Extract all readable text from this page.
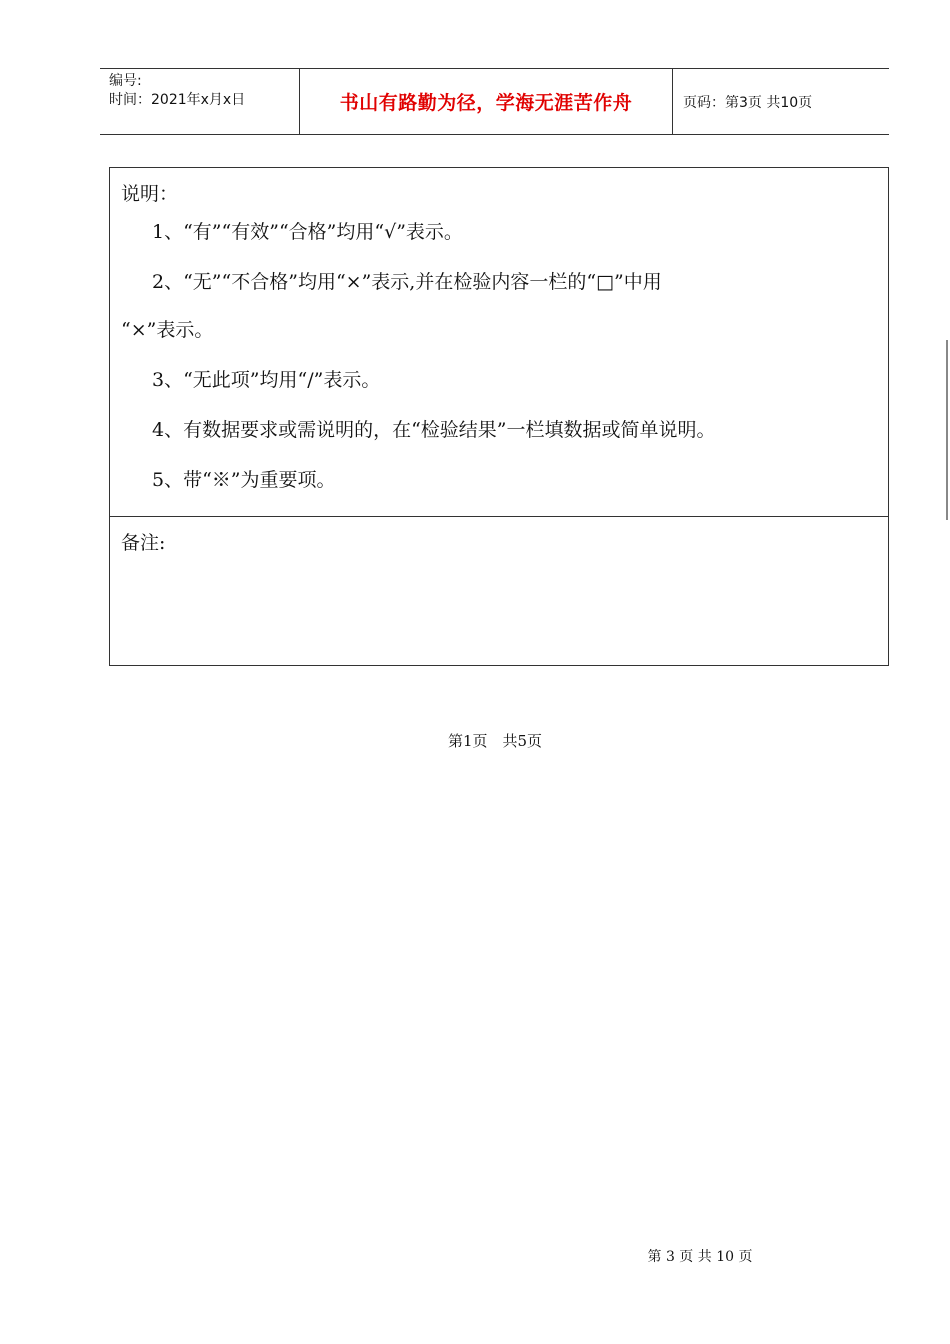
编号:
时间：2021年x月x日	书山有路勤为径，学海无涯苦作舟	页码：第3页 共10页
说明：
1、“有”“有效”“合格”均用“√”表示。
2、“无”“不合格”均用“×”表示,并在检验内容一栏的“□”中用
“×”表示。
3、“无此项”均用“/”表示。
4、有数据要求或需说明的，在“检验结果”一栏填数据或简单说明。
5、带“※”为重要项。
备注:
第1页　共5页
第 3 页 共 10 页
